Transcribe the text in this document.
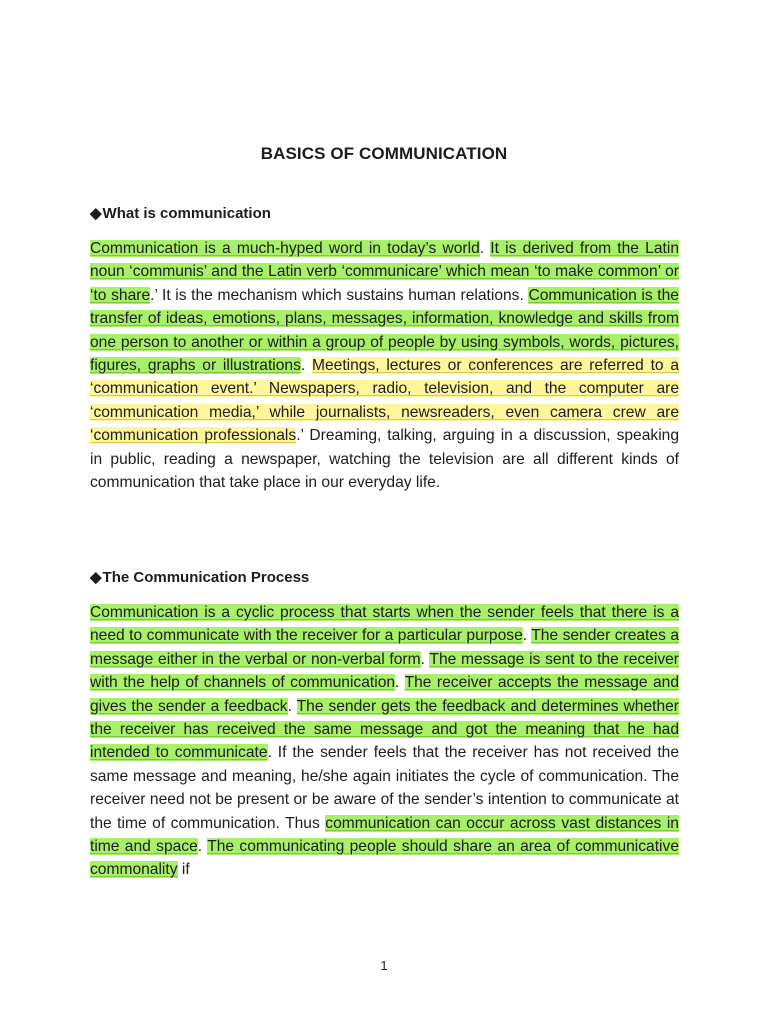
BASICS OF COMMUNICATION
◆What is communication
Communication is a much-hyped word in today’s world. It is derived from the Latin noun ‘communis’ and the Latin verb ‘communicare’ which mean ‘to make common’ or ‘to share.’ It is the mechanism which sustains human relations. Communication is the transfer of ideas, emotions, plans, messages, information, knowledge and skills from one person to another or within a group of people by using symbols, words, pictures, figures, graphs or illustrations. Meetings, lectures or conferences are referred to a ‘communication event.’ Newspapers, radio, television, and the computer are ‘communication media,’ while journalists, newsreaders, even camera crew are ‘communication professionals.’ Dreaming, talking, arguing in a discussion, speaking in public, reading a newspaper, watching the television are all different kinds of communication that take place in our everyday life.
◆The Communication Process
Communication is a cyclic process that starts when the sender feels that there is a need to communicate with the receiver for a particular purpose. The sender creates a message either in the verbal or non-verbal form. The message is sent to the receiver with the help of channels of communication. The receiver accepts the message and gives the sender a feedback. The sender gets the feedback and determines whether the receiver has received the same message and got the meaning that he had intended to communicate. If the sender feels that the receiver has not received the same message and meaning, he/she again initiates the cycle of communication. The receiver need not be present or be aware of the sender’s intention to communicate at the time of communication. Thus communication can occur across vast distances in time and space. The communicating people should share an area of communicative commonality if
1
